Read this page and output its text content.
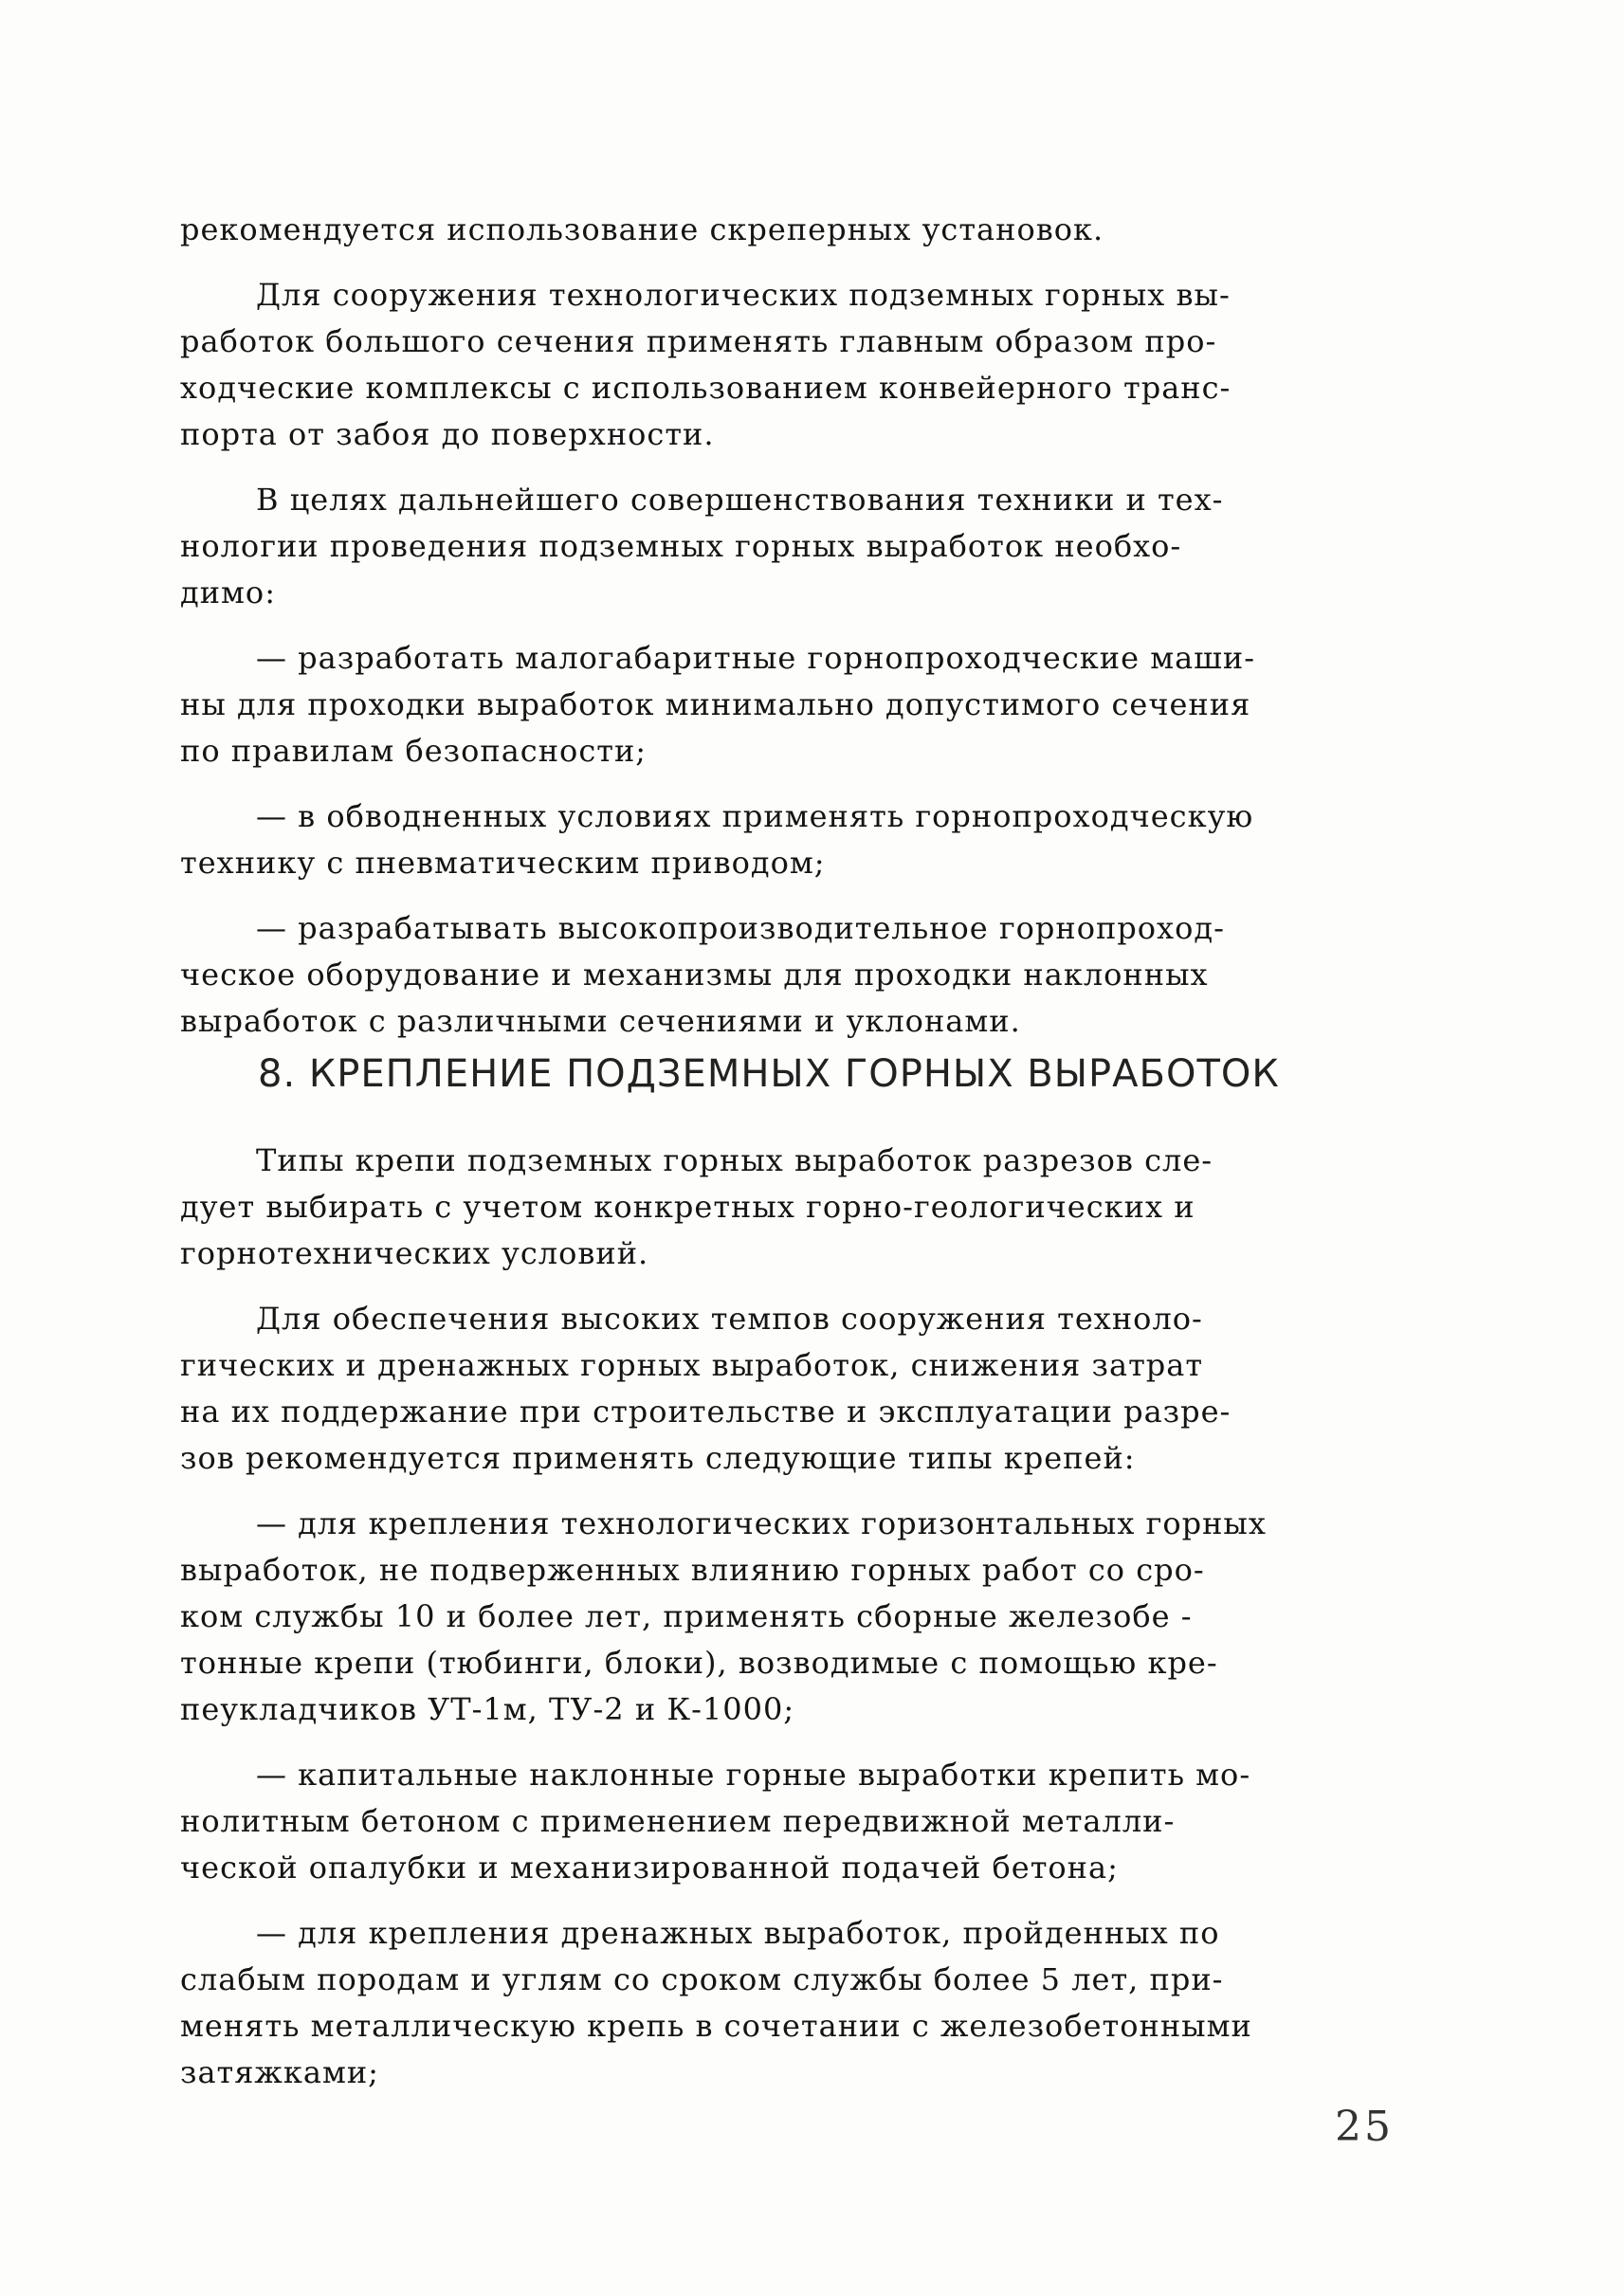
рекомендуется использование скреперных установок.

Для сооружения технологических подземных горных вы-
работок большого сечения применять главным образом про-
ходческие комплексы с использованием конвейерного транс-
порта от забоя до поверхности.

В целях дальнейшего совершенствования техники и тех-
нологии проведения подземных горных выработок необхо-
димо:

— разработать малогабаритные горнопроходческие маши-
ны для проходки выработок минимально допустимого сечения
по правилам безопасности;

— в обводненных условиях применять горнопроходческую
технику с пневматическим приводом;

— разрабатывать высокопроизводительное горнопроход-
ческое оборудование и механизмы для проходки наклонных
выработок с различными сечениями и уклонами.

8. КРЕПЛЕНИЕ ПОДЗЕМНЫХ ГОРНЫХ ВЫРАБОТОК

Типы крепи подземных горных выработок разрезов сле-
дует выбирать с учетом конкретных горно-геологических и
горнотехнических условий.

Для обеспечения высоких темпов сооружения техноло-
гических и дренажных горных выработок, снижения затрат
на их поддержание при строительстве и эксплуатации разре-
зов рекомендуется применять следующие типы крепей:

— для крепления технологических горизонтальных горных
выработок, не подверженных влиянию горных работ со сро-
ком службы 10 и более лет, применять сборные железобе -
тонные крепи (тюбинги, блоки), возводимые с помощью кре-
пеукладчиков УТ-1м, ТУ-2 и К-1000;

— капитальные наклонные горные выработки крепить мо-
нолитным бетоном с применением передвижной металли-
ческой опалубки и механизированной подачей бетона;

— для крепления дренажных выработок, пройденных по
слабым породам и углям со сроком службы более 5 лет, при-
менять металлическую крепь в сочетании с железобетонными
затяжками;

25
